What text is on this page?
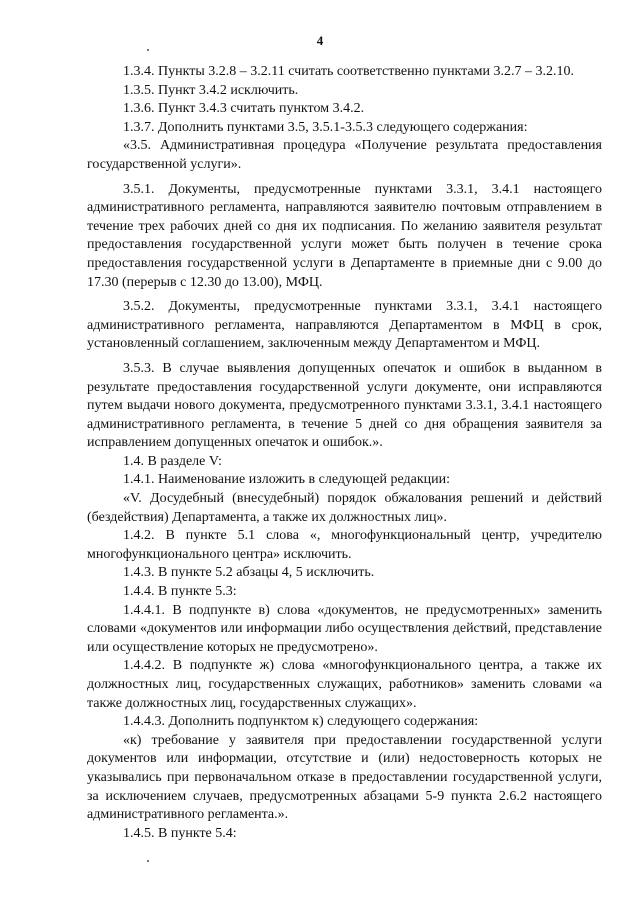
4

1.3.4. Пункты 3.2.8 – 3.2.11 считать соответственно пунктами 3.2.7 – 3.2.10.

1.3.5. Пункт 3.4.2 исключить.

1.3.6. Пункт 3.4.3 считать пунктом 3.4.2.

1.3.7. Дополнить пунктами 3.5, 3.5.1-3.5.3 следующего содержания:

«3.5. Административная процедура «Получение результата предоставления государственной услуги».

3.5.1. Документы, предусмотренные пунктами 3.3.1, 3.4.1 настоящего административного регламента, направляются заявителю почтовым отправлением в течение трех рабочих дней со дня их подписания. По желанию заявителя результат предоставления государственной услуги может быть получен в течение срока предоставления государственной услуги в Департаменте в приемные дни с 9.00 до 17.30 (перерыв с 12.30 до 13.00), МФЦ.

3.5.2. Документы, предусмотренные пунктами 3.3.1, 3.4.1 настоящего административного регламента, направляются Департаментом в МФЦ в срок, установленный соглашением, заключенным между Департаментом и МФЦ.

3.5.3. В случае выявления допущенных опечаток и ошибок в выданном в результате предоставления государственной услуги документе, они исправляются путем выдачи нового документа, предусмотренного пунктами 3.3.1, 3.4.1 настоящего административного регламента, в течение 5 дней со дня обращения заявителя за исправлением допущенных опечаток и ошибок.».

1.4. В разделе V:

1.4.1. Наименование изложить в следующей редакции:

«V. Досудебный (внесудебный) порядок обжалования решений и действий (бездействия) Департамента, а также их должностных лиц».

1.4.2. В пункте 5.1 слова «, многофункциональный центр, учредителю многофункционального центра» исключить.

1.4.3. В пункте 5.2 абзацы 4, 5 исключить.

1.4.4. В пункте 5.3:

1.4.4.1. В подпункте в) слова «документов, не предусмотренных» заменить словами «документов или информации либо осуществления действий, представление или осуществление которых не предусмотрено».

1.4.4.2. В подпункте ж) слова «многофункционального центра, а также их должностных лиц, государственных служащих, работников» заменить словами «а также должностных лиц, государственных служащих».

1.4.4.3. Дополнить подпунктом к) следующего содержания:

«к) требование у заявителя при предоставлении государственной услуги документов или информации, отсутствие и (или) недостоверность которых не указывались при первоначальном отказе в предоставлении государственной услуги, за исключением случаев, предусмотренных абзацами 5-9 пункта 2.6.2 настоящего административного регламента.».

1.4.5. В пункте 5.4:
